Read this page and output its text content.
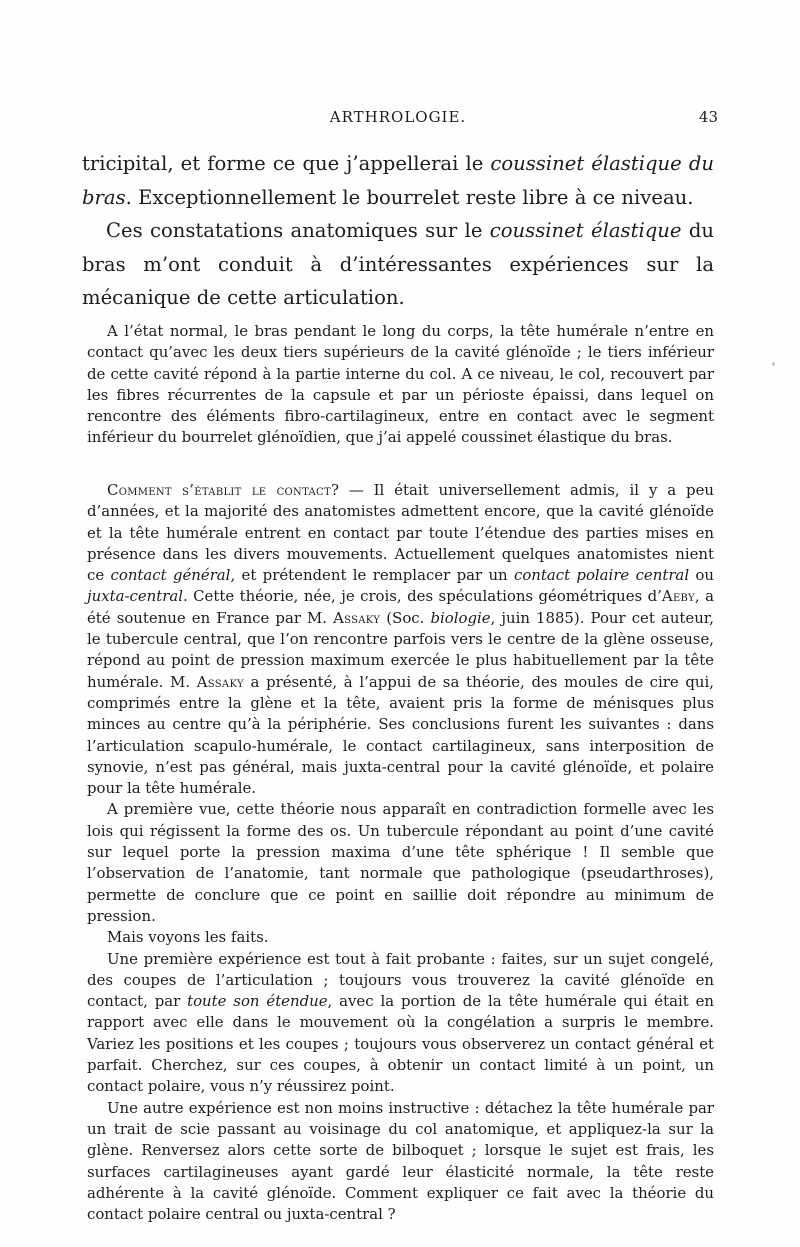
ARTHROLOGIE.	43

tricipital, et forme ce que j’appellerai le coussinet élastique du bras. Exceptionnellement le bourrelet reste libre à ce niveau.

Ces constatations anatomiques sur le coussinet élastique du bras m’ont conduit à d’intéressantes expériences sur la mécanique de cette articulation.

A l’état normal, le bras pendant le long du corps, la tête humérale n’entre en contact qu’avec les deux tiers supérieurs de la cavité glénoïde ; le tiers inférieur de cette cavité répond à la partie interne du col. A ce niveau, le col, recouvert par les fibres récurrentes de la capsule et par un périoste épaissi, dans lequel on rencontre des éléments fibro-cartilagineux, entre en contact avec le segment inférieur du bourrelet glénoïdien, que j’ai appelé coussinet élastique du bras.

Comment s’établit le contact? — Il était universellement admis, il y a peu d’années, et la majorité des anatomistes admettent encore, que la cavité glénoïde et la tête humérale entrent en contact par toute l’étendue des parties mises en présence dans les divers mouvements. Actuellement quelques anatomistes nient ce contact général, et prétendent le remplacer par un contact polaire central ou juxta-central. Cette théorie, née, je crois, des spéculations géométriques d’Aeby, a été soutenue en France par M. Assaky (Soc. biologie, juin 1885). Pour cet auteur, le tubercule central, que l’on rencontre parfois vers le centre de la glène osseuse, répond au point de pression maximum exercée le plus habituellement par la tête humérale. M. Assaky a présenté, à l’appui de sa théorie, des moules de cire qui, comprimés entre la glène et la tête, avaient pris la forme de ménisques plus minces au centre qu’à la périphérie. Ses conclusions furent les suivantes : dans l’articulation scapulo-humérale, le contact cartilagineux, sans interposition de synovie, n’est pas général, mais juxta-central pour la cavité glénoïde, et polaire pour la tête humérale.

A première vue, cette théorie nous apparaît en contradiction formelle avec les lois qui régissent la forme des os. Un tubercule répondant au point d’une cavité sur lequel porte la pression maxima d’une tête sphérique ! Il semble que l’observation de l’anatomie, tant normale que pathologique (pseudarthroses), permette de conclure que ce point en saillie doit répondre au minimum de pression.

Mais voyons les faits.

Une première expérience est tout à fait probante : faites, sur un sujet congelé, des coupes de l’articulation ; toujours vous trouverez la cavité glénoïde en contact, par toute son étendue, avec la portion de la tête humérale qui était en rapport avec elle dans le mouvement où la congélation a surpris le membre. Variez les positions et les coupes ; toujours vous observerez un contact général et parfait. Cherchez, sur ces coupes, à obtenir un contact limité à un point, un contact polaire, vous n’y réussirez point.

Une autre expérience est non moins instructive : détachez la tête humérale par un trait de scie passant au voisinage du col anatomique, et appliquez-la sur la glène. Renversez alors cette sorte de bilboquet ; lorsque le sujet est frais, les surfaces cartilagineuses ayant gardé leur élasticité normale, la tête reste adhérente à la cavité glénoïde. Comment expliquer ce fait avec la théorie du contact polaire central ou juxta-central ?
